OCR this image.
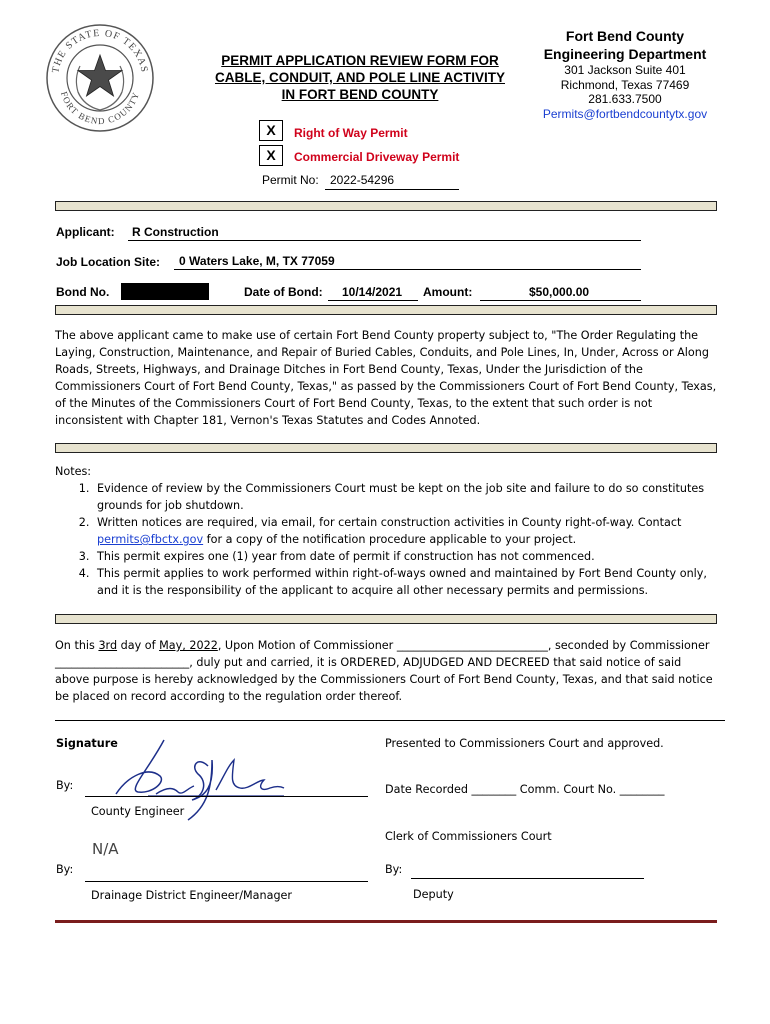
THE STATE OF TEXAS
FORT BEND COUNTY
PERMIT APPLICATION REVIEW FORM FOR
CABLE, CONDUIT, AND POLE LINE ACTIVITY
IN FORT BEND COUNTY
Fort Bend County
Engineering Department
301 Jackson Suite 401
Richmond, Texas 77469
281.633.7500
Permits@fortbendcountytx.gov
X	Right of Way Permit
X	Commercial Driveway Permit
Permit No: 2022-54296
Applicant: R Construction
Job Location Site: 0 Waters Lake, M, TX 77059
Bond No.	Date of Bond: 10/14/2021 Amount:	$50,000.00
The above applicant came to make use of certain Fort Bend County property subject to, "The Order Regulating the Laying, Construction, Maintenance, and Repair of Buried Cables, Conduits, and Pole Lines, In, Under, Across or Along Roads, Streets, Highways, and Drainage Ditches in Fort Bend County, Texas, Under the Jurisdiction of the Commissioners Court of Fort Bend County, Texas," as passed by the Commissioners Court of Fort Bend County, Texas, of the Minutes of the Commissioners Court of Fort Bend County, Texas, to the extent that such order is not inconsistent with Chapter 181, Vernon's Texas Statutes and Codes Annoted.
Notes:
1. Evidence of review by the Commissioners Court must be kept on the job site and failure to do so constitutes grounds for job shutdown.
2. Written notices are required, via email, for certain construction activities in County right-of-way. Contact permits@fbctx.gov for a copy of the notification procedure applicable to your project.
3. This permit expires one (1) year from date of permit if construction has not commenced.
4. This permit applies to work performed within right-of-ways owned and maintained by Fort Bend County only, and it is the responsibility of the applicant to acquire all other necessary permits and permissions.
On this 3rd day of May, 2022, Upon Motion of Commissioner ___________________________, seconded by Commissioner ________________________, duly put and carried, it is ORDERED, ADJUDGED AND DECREED that said notice of said above purpose is hereby acknowledged by the Commissioners Court of Fort Bend County, Texas, and that said notice be placed on record according to the regulation order thereof.
Signature
By:
County Engineer
N/A
By:
Drainage District Engineer/Manager
Presented to Commissioners Court and approved.
Date Recorded ________ Comm. Court No. ________
Clerk of Commissioners Court
By:
Deputy
